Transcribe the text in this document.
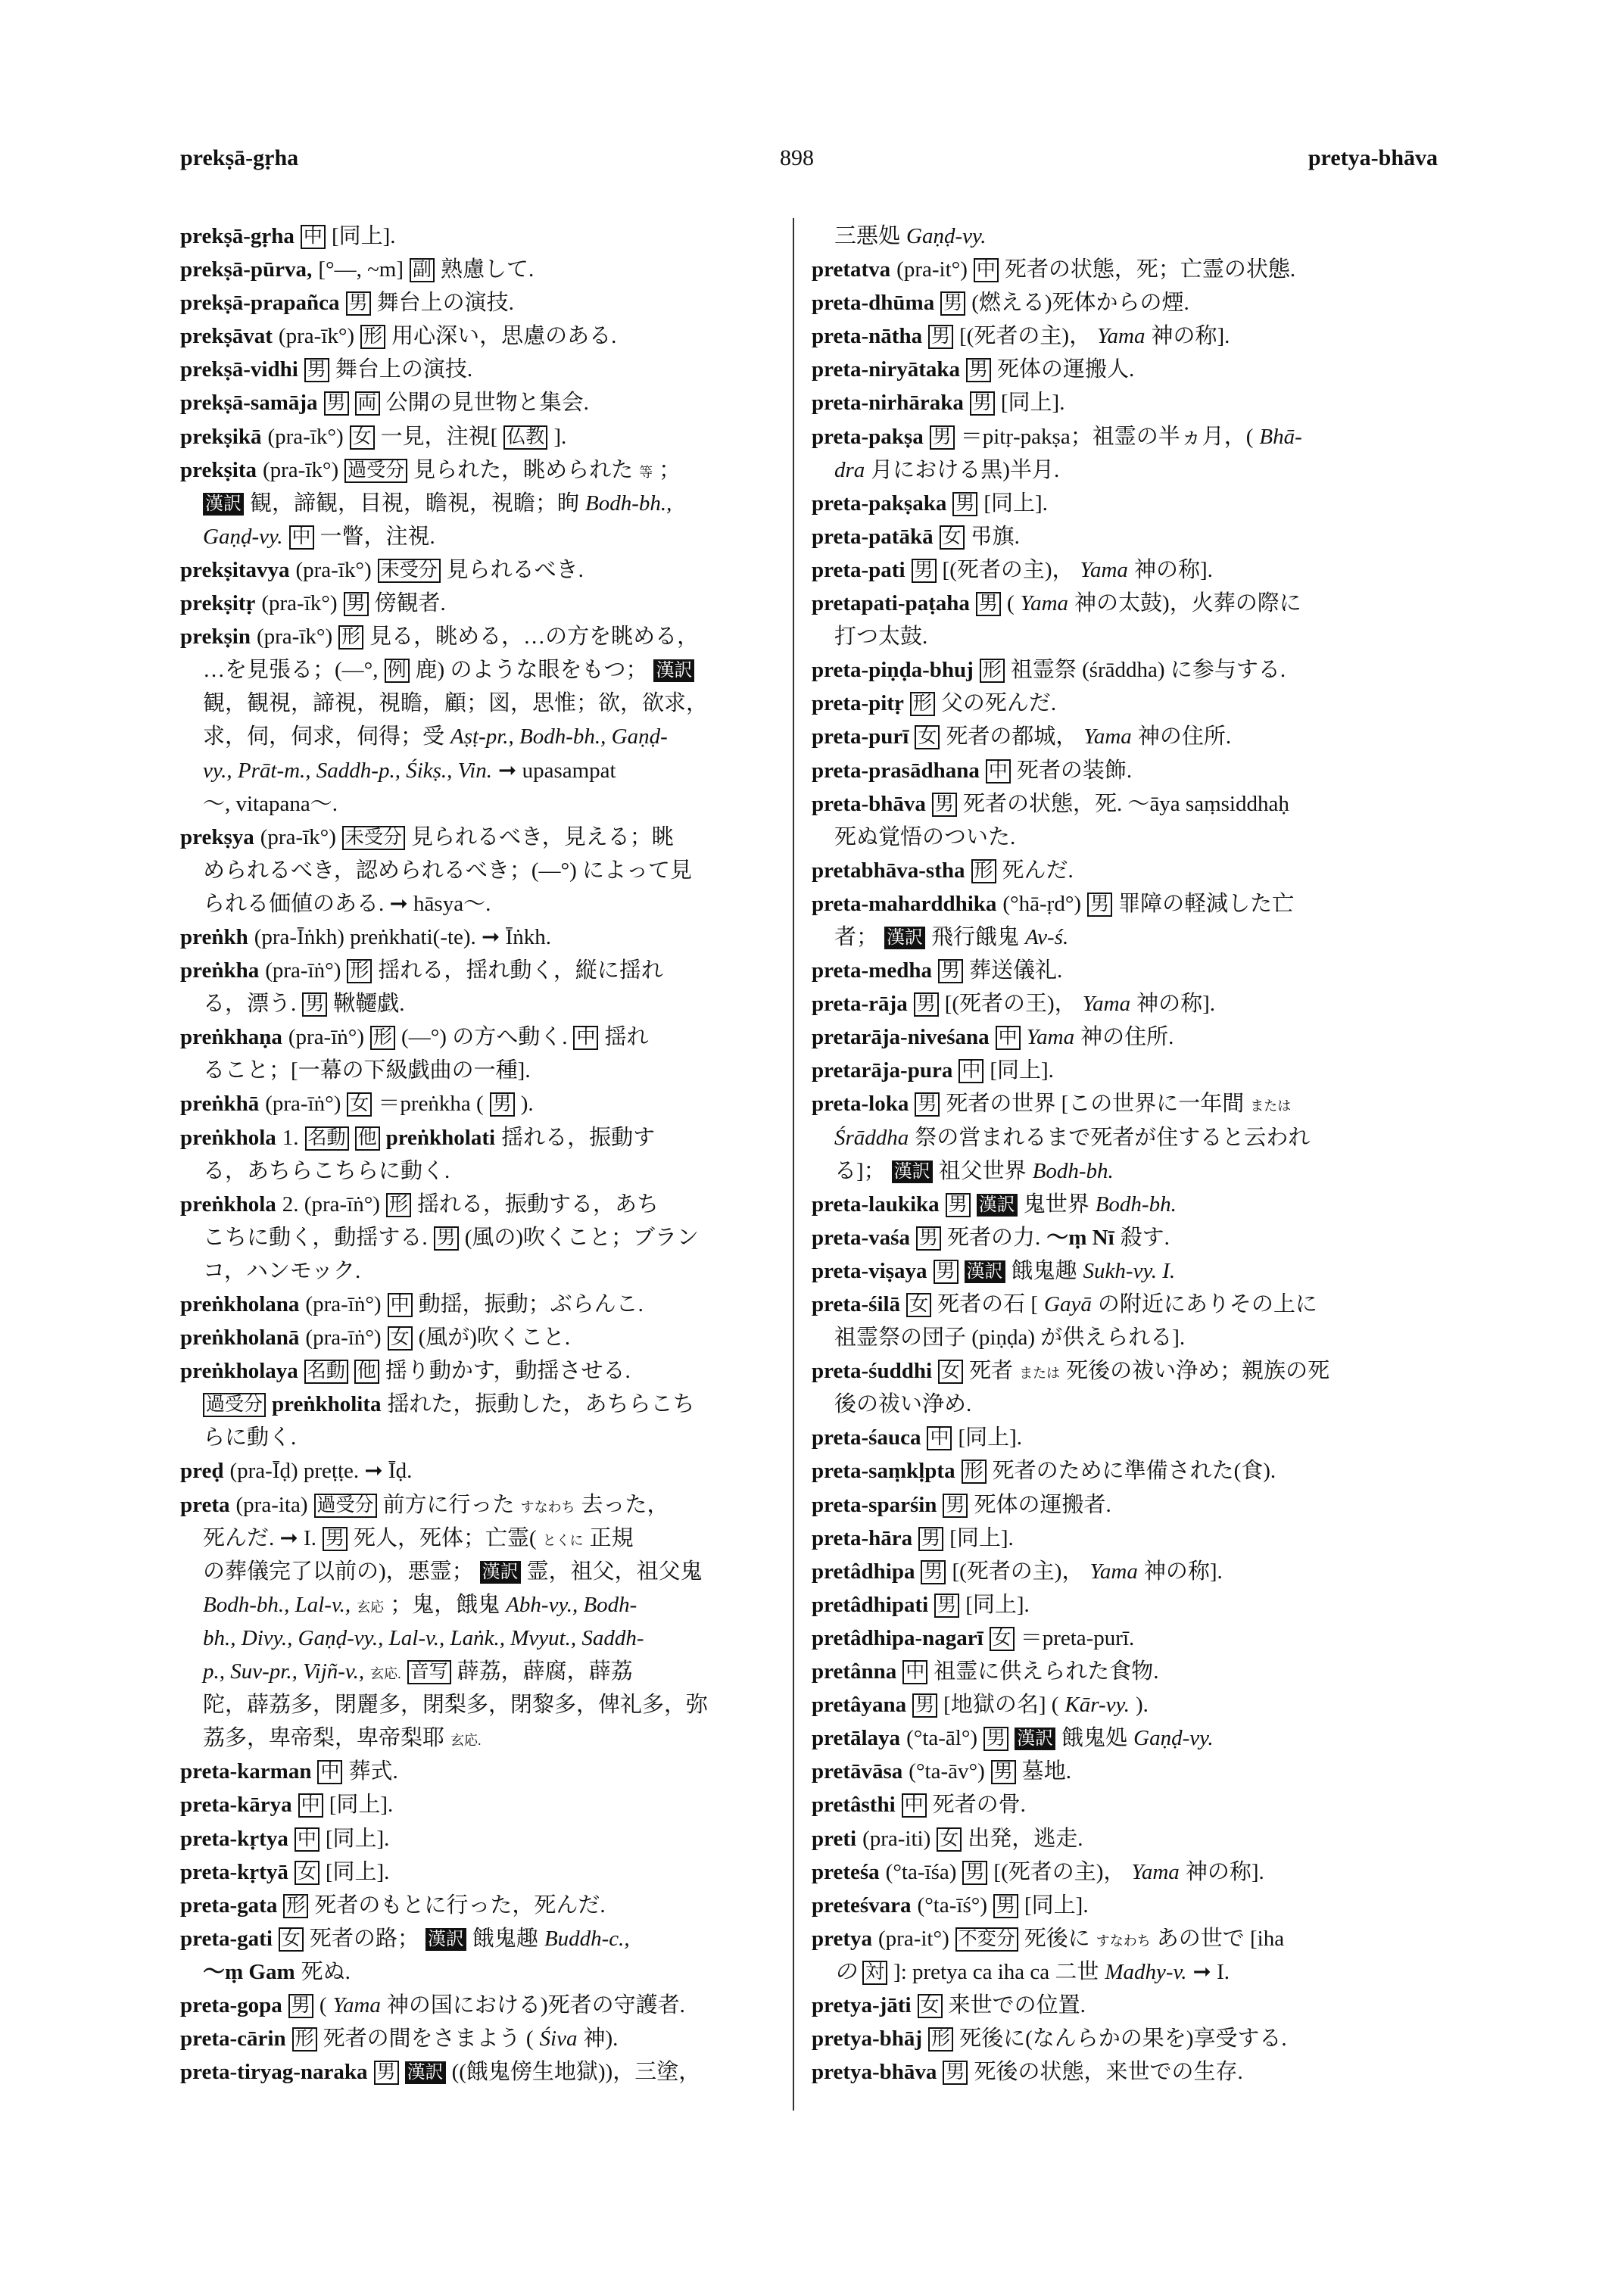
prekṣā-gṛha	898	pretya-bhāva
prekṣā-gṛha 中 [同上].
prekṣā-pūrva, [°—, ~m] 副 熟慮して.
prekṣā-prapañca 男 舞台上の演技.
prekṣāvat (pra-īk°) 形 用心深い，思慮のある.
prekṣā-vidhi 男 舞台上の演技.
prekṣā-samāja 男 両 公開の見世物と集会.
prekṣikā (pra-īk°) 女 一見，注視[ 仏教 ].
prekṣita (pra-īk°) 過受分 見られた，眺められた 等 ；
漢訳 観，諦観，目視，瞻視，視瞻；眴 Bodh-bh.,
Gaṇḍ-vy. 中 一瞥，注視.
prekṣitavya (pra-īk°) 未受分 見られるべき.
prekṣitṛ (pra-īk°) 男 傍観者.
prekṣin (pra-īk°) 形 見る，眺める，…の方を眺める，
…を見張る；(—°, 例 鹿) のような眼をもつ； 漢訳
観，観視，諦視，視瞻，顧；図，思惟；欲，欲求，
求，伺，伺求，伺得；受 Aṣṭ-pr., Bodh-bh., Gaṇḍ-
vy., Prāt-m., Saddh-p., Śikṣ., Vin. ➞ upasampat
～, vitapana～.
prekṣya (pra-īk°) 未受分 見られるべき，見える；眺
められるべき，認められるべき；(—°) によって見
られる価値のある. ➞ hāsya～.
preṅkh (pra-Īṅkh) preṅkhati(-te). ➞ Īṅkh.
preṅkha (pra-īṅ°) 形 揺れる，揺れ動く，縦に揺れ
る，漂う. 男 鞦韆戯.
preṅkhaṇa (pra-īṅ°) 形 (—°) の方へ動く. 中 揺れ
ること；[一幕の下級戯曲の一種].
preṅkhā (pra-īṅ°) 女 ＝preṅkha ( 男 ).
preṅkhola 1. 名動 他 preṅkholati 揺れる，振動す
る，あちらこちらに動く.
preṅkhola 2. (pra-īṅ°) 形 揺れる，振動する，あち
こちに動く，動揺する. 男 (風の)吹くこと；ブラン
コ，ハンモック.
preṅkholana (pra-īṅ°) 中 動揺，振動；ぶらんこ.
preṅkholanā (pra-īṅ°) 女 (風が)吹くこと.
preṅkholaya 名動 他 揺り動かす，動揺させる.
過受分 preṅkholita 揺れた，振動した，あちらこち
らに動く.
preḍ (pra-Īḍ) preṭṭe. ➞ Īḍ.
preta (pra-ita) 過受分 前方に行った すなわち 去った，
死んだ. ➞ I. 男 死人，死体；亡霊( とくに 正規
の葬儀完了以前の)，悪霊； 漢訳 霊，祖父，祖父鬼
Bodh-bh., Lal-v., 玄応 ；鬼，餓鬼 Abh-vy., Bodh-
bh., Divy., Gaṇḍ-vy., Lal-v., Laṅk., Mvyut., Saddh-
p., Suv-pr., Vijñ-v., 玄応. 音写 薜荔，薜腐，薜荔
陀，薜荔多，閉麗多，閉梨多，閉黎多，俾礼多，弥
荔多，卑帝梨，卑帝梨耶 玄応.
preta-karman 中 葬式.
preta-kārya 中 [同上].
preta-kṛtya 中 [同上].
preta-kṛtyā 女 [同上].
preta-gata 形 死者のもとに行った，死んだ.
preta-gati 女 死者の路； 漢訳 餓鬼趣 Buddh-c.,
～ṃ Gam 死ぬ.
preta-gopa 男 ( Yama 神の国における)死者の守護者.
preta-cārin 形 死者の間をさまよう ( Śiva 神).
preta-tiryag-naraka 男 漢訳 ((餓鬼傍生地獄))，三塗，
三悪処 Gaṇḍ-vy.
pretatva (pra-it°) 中 死者の状態，死；亡霊の状態.
preta-dhūma 男 (燃える)死体からの煙.
preta-nātha 男 [(死者の主)， Yama 神の称].
preta-niryātaka 男 死体の運搬人.
preta-nirhāraka 男 [同上].
preta-pakṣa 男 ＝pitṛ-pakṣa；祖霊の半ヵ月，( Bhā-
dra 月における黒)半月.
preta-pakṣaka 男 [同上].
preta-patākā 女 弔旗.
preta-pati 男 [(死者の主)， Yama 神の称].
pretapati-paṭaha 男 ( Yama 神の太鼓)，火葬の際に
打つ太鼓.
preta-piṇḍa-bhuj 形 祖霊祭 (śrāddha) に参与する.
preta-pitṛ 形 父の死んだ.
preta-purī 女 死者の都城， Yama 神の住所.
preta-prasādhana 中 死者の装飾.
preta-bhāva 男 死者の状態，死. ～āya saṃsiddhaḥ
死ぬ覚悟のついた.
pretabhāva-stha 形 死んだ.
preta-maharddhika (°hā-ṛd°) 男 罪障の軽減した亡
者； 漢訳 飛行餓鬼 Av-ś.
preta-medha 男 葬送儀礼.
preta-rāja 男 [(死者の王)， Yama 神の称].
pretarāja-niveśana 中 Yama 神の住所.
pretarāja-pura 中 [同上].
preta-loka 男 死者の世界 [この世界に一年間 または
Śrāddha 祭の営まれるまで死者が住すると云われ
る]； 漢訳 祖父世界 Bodh-bh.
preta-laukika 男 漢訳 鬼世界 Bodh-bh.
preta-vaśa 男 死者の力. ～ṃ Nī 殺す.
preta-viṣaya 男 漢訳 餓鬼趣 Sukh-vy. I.
preta-śilā 女 死者の石 [ Gayā の附近にありその上に
祖霊祭の団子 (piṇḍa) が供えられる].
preta-śuddhi 女 死者 または 死後の祓い浄め；親族の死
後の祓い浄め.
preta-śauca 中 [同上].
preta-saṃkḷpta 形 死者のために準備された(食).
preta-sparśin 男 死体の運搬者.
preta-hāra 男 [同上].
pretâdhipa 男 [(死者の主)， Yama 神の称].
pretâdhipati 男 [同上].
pretâdhipa-nagarī 女 ＝preta-purī.
pretânna 中 祖霊に供えられた食物.
pretâyana 男 [地獄の名] ( Kār-vy. ).
pretālaya (°ta-āl°) 男 漢訳 餓鬼処 Gaṇḍ-vy.
pretāvāsa (°ta-āv°) 男 墓地.
pretâsthi 中 死者の骨.
preti (pra-iti) 女 出発，逃走.
preteśa (°ta-īśa) 男 [(死者の主)， Yama 神の称].
preteśvara (°ta-īś°) 男 [同上].
pretya (pra-it°) 不変分 死後に すなわち あの世で [iha
の 対 ]: pretya ca iha ca 二世 Madhy-v. ➞ I.
pretya-jāti 女 来世での位置.
pretya-bhāj 形 死後に(なんらかの果を)享受する.
pretya-bhāva 男 死後の状態，来世での生存.
